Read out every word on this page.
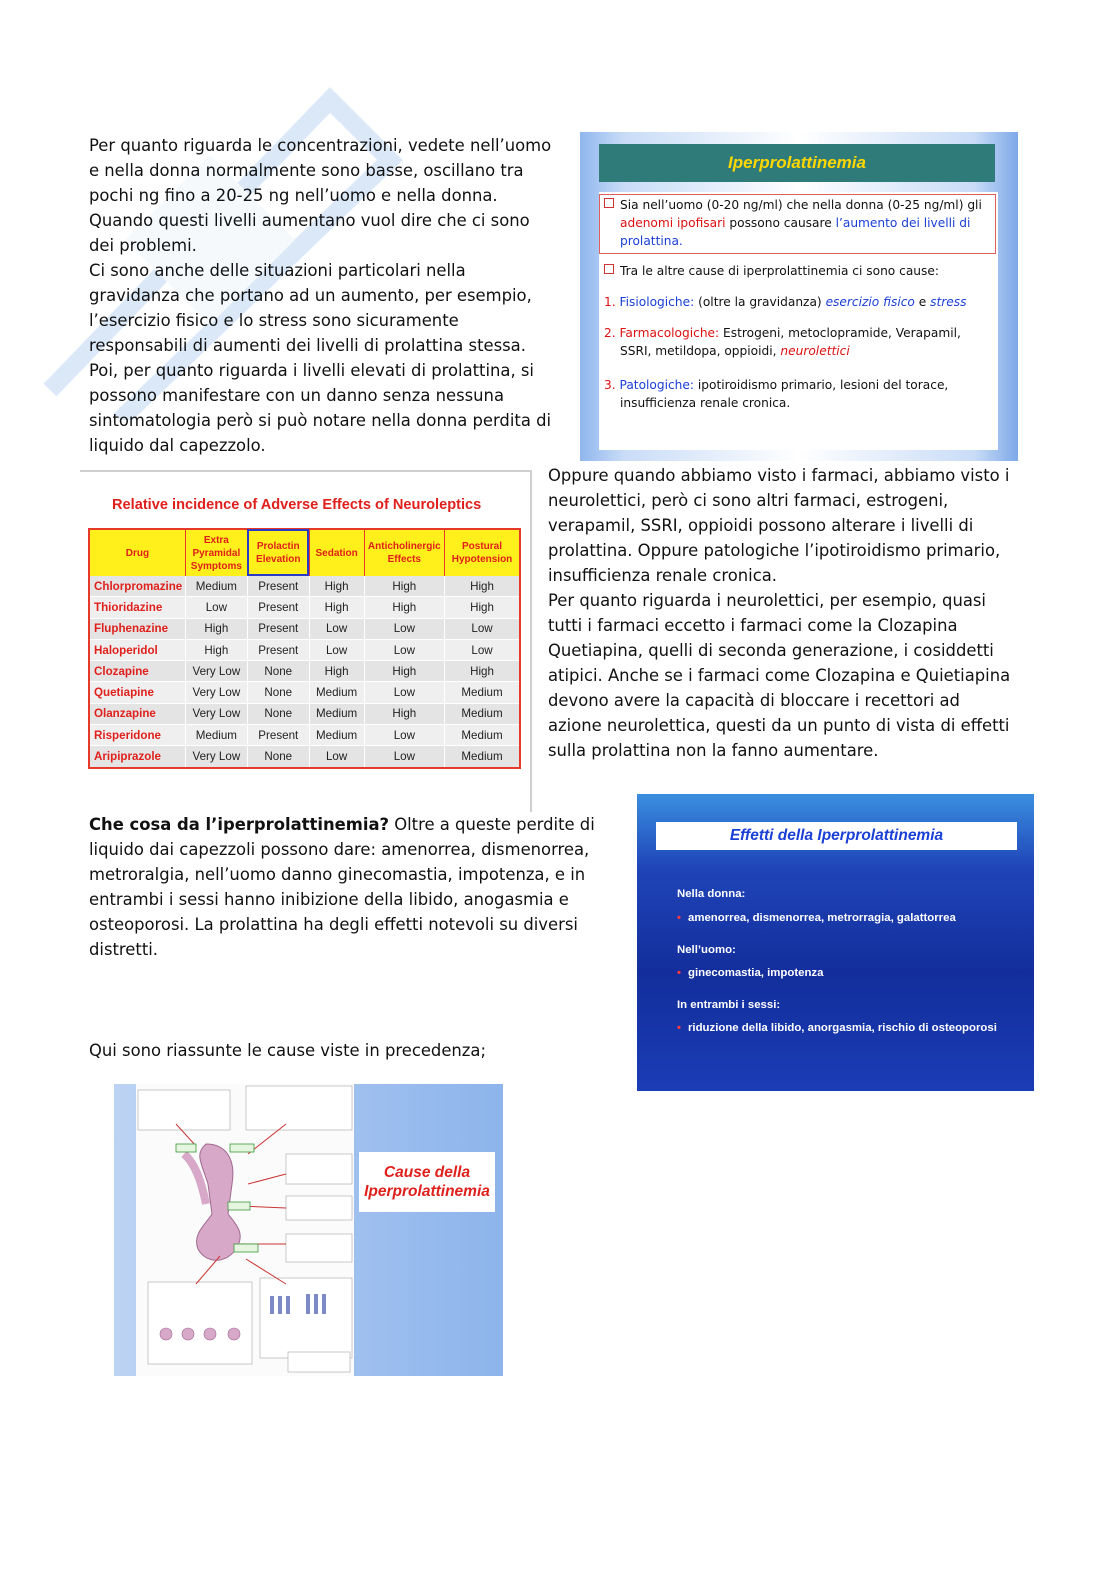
Per quanto riguarda le concentrazioni, vedete nell’uomo

e nella donna normalmente sono basse, oscillano tra

pochi ng fino a 20-25 ng nell’uomo e nella donna.

Quando questi livelli aumentano vuol dire che ci sono

dei problemi.

Ci sono anche delle situazioni particolari nella

gravidanza che portano ad un aumento, per esempio,

l’esercizio fisico e lo stress sono sicuramente

responsabili di aumenti dei livelli di prolattina stessa.

Poi, per quanto riguarda i livelli elevati di prolattina, si

possono manifestare con un danno senza nessuna

sintomatologia però si può notare nella donna perdita di

liquido dal capezzolo.

Iperprolattinemia
Sia nell’uomo (0-20 ng/ml) che nella donna (0-25 ng/ml) gli
adenomi ipofisari possono causare l’aumento dei livelli di
prolattina.
Tra le altre cause di iperprolattinemia ci sono cause:
1. Fisiologiche: (oltre la gravidanza) esercizio fisico e stress
2. Farmacologiche: Estrogeni, metoclopramide, Verapamil,
SSRI, metildopa, oppioidi, neurolettici
3. Patologiche: ipotiroidismo primario, lesioni del torace,
insufficienza renale cronica.
Relative incidence of Adverse Effects of Neuroleptics
Drug	Extra Pyramidal Symptoms	Prolactin Elevation	Sedation	Anticholinergic Effects	Postural Hypotension
Chlorpromazine	Medium	Present	High	High	High
Thioridazine	Low	Present	High	High	High
Fluphenazine	High	Present	Low	Low	Low
Haloperidol	High	Present	Low	Low	Low
Clozapine	Very Low	None	High	High	High
Quetiapine	Very Low	None	Medium	Low	Medium
Olanzapine	Very Low	None	Medium	High	Medium
Risperidone	Medium	Present	Medium	Low	Medium
Aripiprazole	Very Low	None	Low	Low	Medium

Oppure quando abbiamo visto i farmaci, abbiamo visto i

neurolettici, però ci sono altri farmaci, estrogeni,

verapamil, SSRI, oppioidi possono alterare i livelli di

prolattina. Oppure patologiche l’ipotiroidismo primario,

insufficienza renale cronica.

Per quanto riguarda i neurolettici, per esempio, quasi

tutti i farmaci eccetto i farmaci come la Clozapina

Quetiapina, quelli di seconda generazione, i cosiddetti

atipici. Anche se i farmaci come Clozapina e Quietiapina

devono avere la capacità di bloccare i recettori ad

azione neurolettica, questi da un punto di vista di effetti

sulla prolattina non la fanno aumentare.

Che cosa da l’iperprolattinemia? Oltre a queste perdite di

liquido dai capezzoli possono dare: amenorrea, dismenorrea,

metroralgia, nell’uomo danno ginecomastia, impotenza, e in

entrambi i sessi hanno inibizione della libido, anogasmia e

osteoporosi. La prolattina ha degli effetti notevoli su diversi

distretti.

Effetti della Iperprolattinemia
Nella donna:
• amenorrea, dismenorrea, metrorragia, galattorrea
Nell’uomo:
• ginecomastia, impotenza
In entrambi i sessi:
• riduzione della libido, anorgasmia, rischio di osteoporosi
Qui sono riassunte le cause viste in precedenza;
Cause della
Iperprolattinemia
